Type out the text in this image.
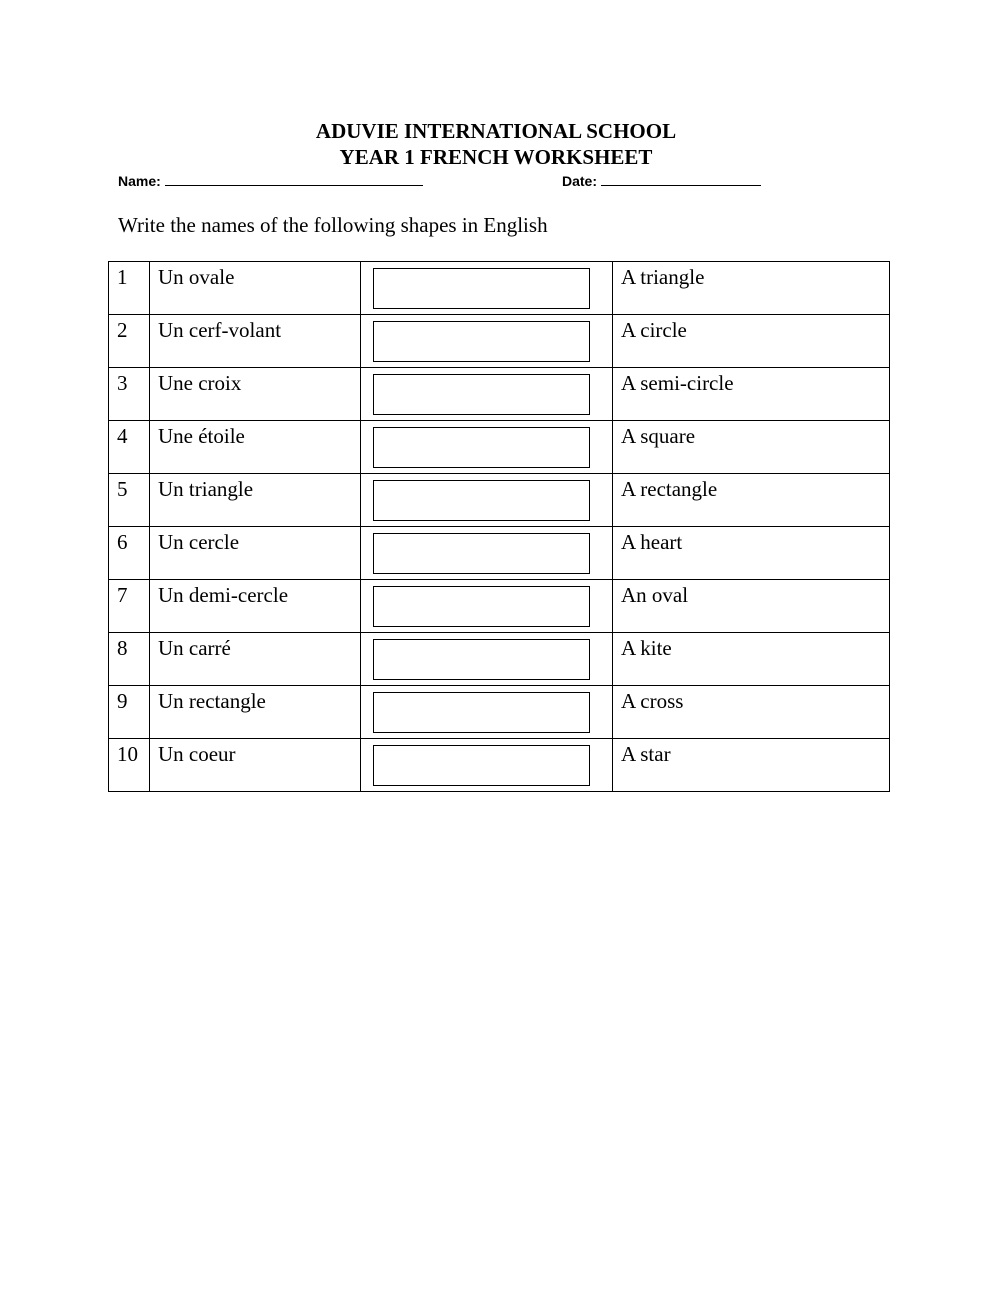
ADUVIE INTERNATIONAL SCHOOL
YEAR 1 FRENCH WORKSHEET
Name:	Date:
Write the names of the following shapes in English
1	Un ovale		A triangle

2	Un cerf-volant		A circle

3	Une croix		A semi-circle

4	Une étoile		A square

5	Un triangle		A rectangle

6	Un cercle		A heart

7	Un demi-cercle		An oval

8	Un carré		A kite

9	Un rectangle		A cross

10	Un coeur		A star
